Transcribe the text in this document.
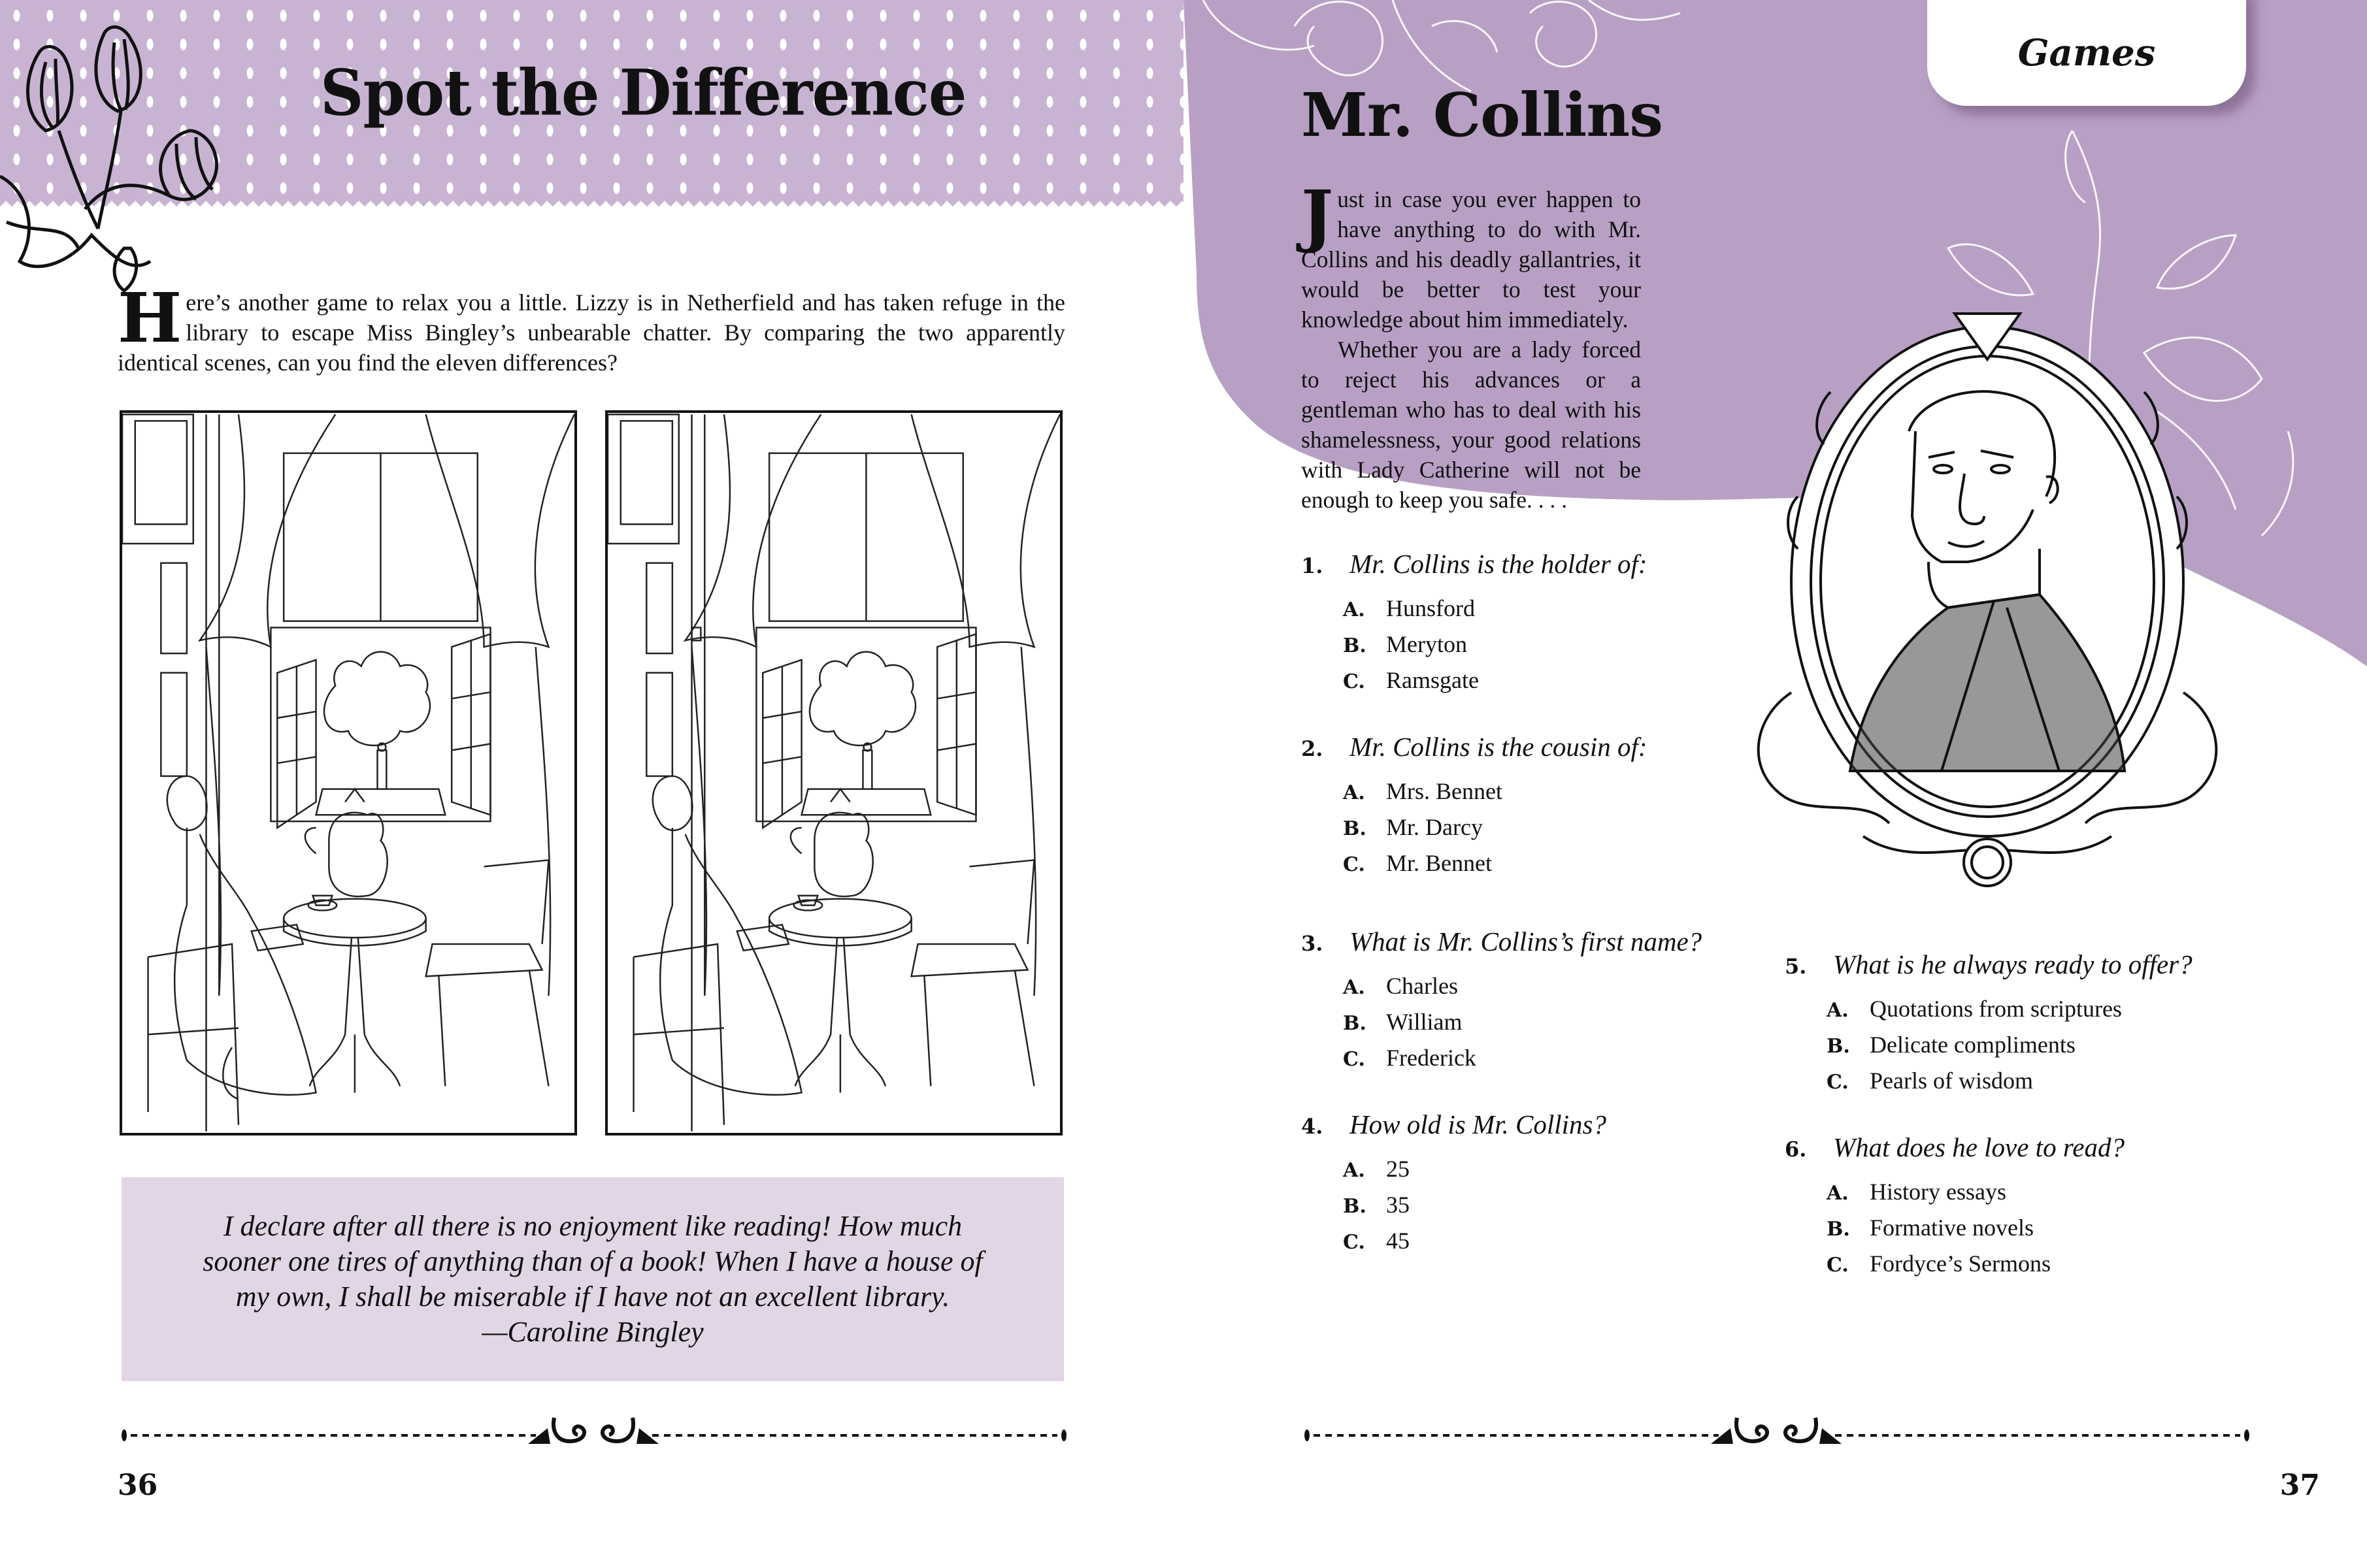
Spot the Difference

Here’s another game to relax you a little. Lizzy is in Netherfield and has taken refuge in the library to escape Miss Bingley’s unbearable chatter. By comparing the two apparently identical scenes, can you find the eleven differences?

I declare after all there is no enjoyment like reading! How much

sooner one tires of anything than of a book! When I have a house of

my own, I shall be miserable if I have not an excellent library.

—Caroline Bingley

36
Games
Mr. Collins

Just in case you ever happen to have anything to do with Mr. Collins and his deadly gallantries, it would be better to test your knowledge about him immediately.

Whether you are a lady forced to reject his advances or a gentleman who has to deal with his shamelessness, your good relations with Lady Catherine will not be enough to keep you safe. . . .

1. Mr. Collins is the holder of:
A. Hunsford
B. Meryton
C. Ramsgate
2. Mr. Collins is the cousin of:
A. Mrs. Bennet
B. Mr. Darcy
C. Mr. Bennet
3. What is Mr. Collins’s first name?
A. Charles
B. William
C. Frederick
4. How old is Mr. Collins?
A. 25
B. 35
C. 45
5. What is he always ready to offer?
A. Quotations from scriptures
B. Delicate compliments
C. Pearls of wisdom
6. What does he love to read?
A. History essays
B. Formative novels
C. Fordyce’s Sermons
37
